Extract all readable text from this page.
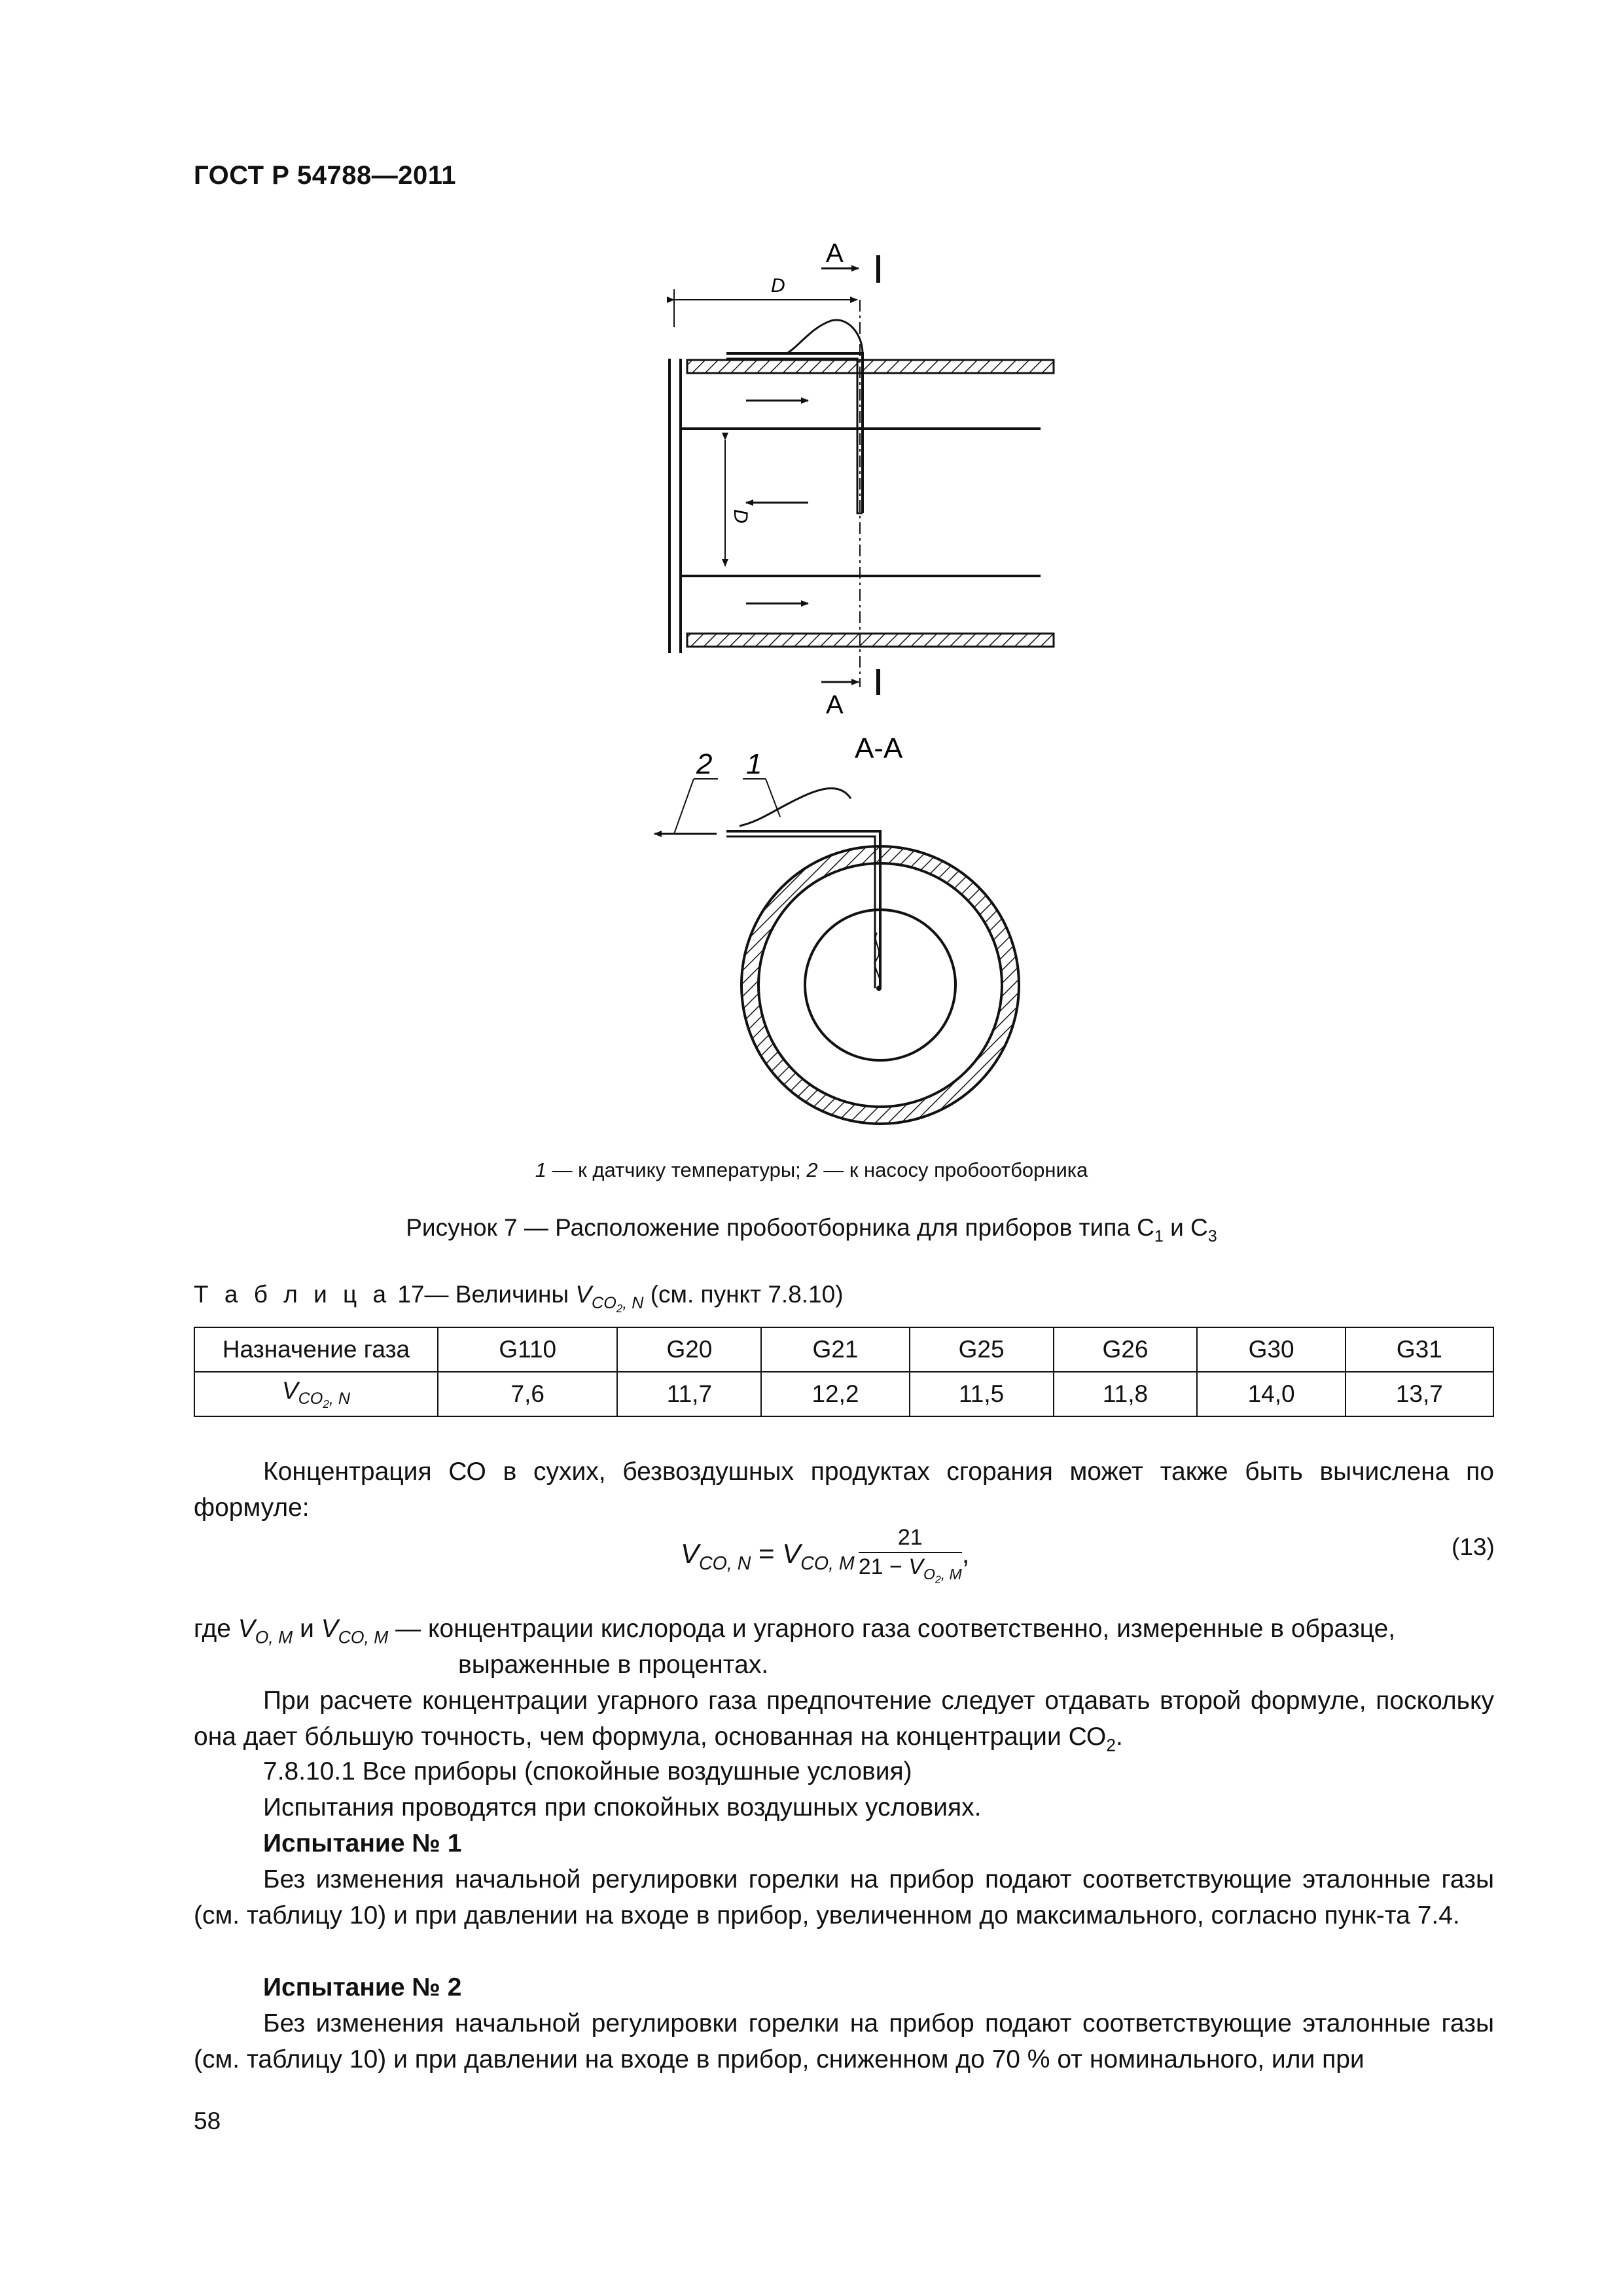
ГОСТ Р 54788—2011
A
A
D
D
А-А
2 1
1 — к датчику температуры; 2 — к насосу пробоотборника
Рисунок 7 — Расположение пробоотборника для приборов типа $С_1$ и $С_3$
Т а б л и ц а 17— Величины $V_{CO_2, N}$ (см. пункт 7.8.10)
Назначение газа	G110	G20	G21	G25	G26	G30	G31
$V_{CO_2, N}$	7,6	11,7	12,2	11,5	11,8	14,0	13,7
Концентрация СО в сухих, безвоздушных продуктах сгорания может также быть вычислена по формуле:
$V_{CO, N} = V_{CO, M} \frac{21}{21 - V_{O_2, M}}$ ,	(13)
где $V_{O, M}$ и $V_{CO, M}$ — концентрации кислорода и угарного газа соответственно, измеренные в образце,
выраженные в процентах.
При расчете концентрации угарного газа предпочтение следует отдавать второй формуле, поскольку она дает бóльшую точность, чем формула, основанная на концентрации $СО_2$.
7.8.10.1 Все приборы (спокойные воздушные условия)
Испытания проводятся при спокойных воздушных условиях.
Испытание № 1
Без изменения начальной регулировки горелки на прибор подают соответствующие эталонные газы (см. таблицу 10) и при давлении на входе в прибор, увеличенном до максимального, согласно пунк-та 7.4.
Испытание № 2
Без изменения начальной регулировки горелки на прибор подают соответствующие эталонные газы (см. таблицу 10) и при давлении на входе в прибор, сниженном до 70 % от номинального, или при
58
